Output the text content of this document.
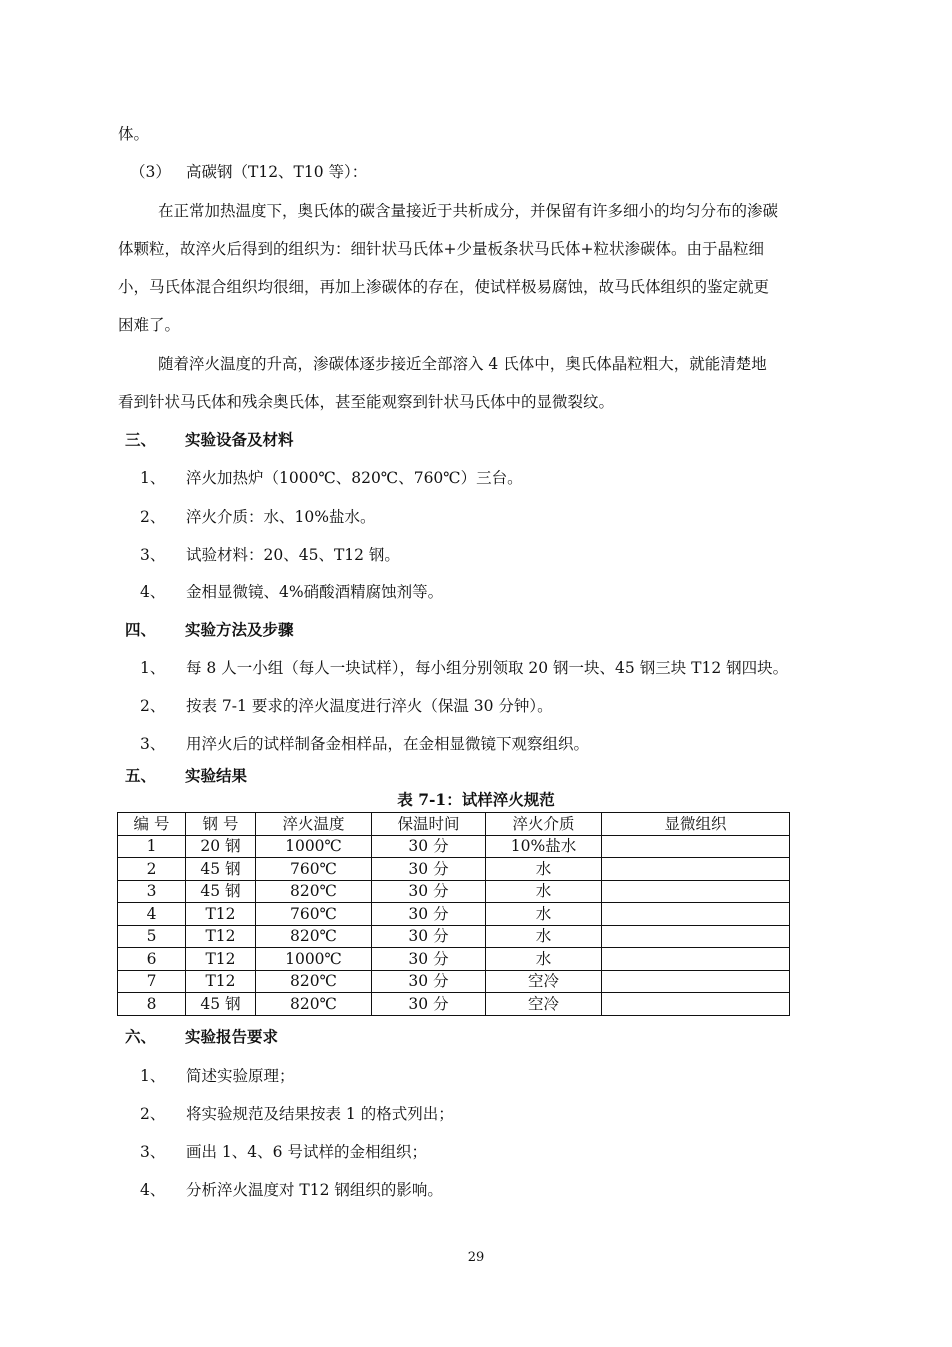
体。
（3） 高碳钢（T12、T10 等）：
在正常加热温度下，奥氏体的碳含量接近于共析成分，并保留有许多细小的均匀分布的渗碳
体颗粒，故淬火后得到的组织为：细针状马氏体+少量板条状马氏体+粒状渗碳体。由于晶粒细
小，马氏体混合组织均很细，再加上渗碳体的存在，使试样极易腐蚀，故马氏体组织的鉴定就更
困难了。
随着淬火温度的升高，渗碳体逐步接近全部溶入 4 氏体中，奥氏体晶粒粗大，就能清楚地
看到针状马氏体和残余奥氏体，甚至能观察到针状马氏体中的显微裂纹。
三、 实验设备及材料
1、 淬火加热炉（1000℃、820℃、760℃）三台。
2、 淬火介质：水、10%盐水。
3、 试验材料：20、45、T12 钢。
4、 金相显微镜、4%硝酸酒精腐蚀剂等。
四、 实验方法及步骤
1、 每 8 人一小组（每人一块试样），每小组分别领取 20 钢一块、45 钢三块 T12 钢四块。
2、 按表 7-1 要求的淬火温度进行淬火（保温 30 分钟）。
3、 用淬火后的试样制备金相样品，在金相显微镜下观察组织。
五、 实验结果
表 7-1：试样淬火规范
编 号	钢 号	淬火温度	保温时间	淬火介质	显微组织
1	20 钢	1000℃	30 分	10%盐水	
2	45 钢	760℃	30 分	水	
3	45 钢	820℃	30 分	水	
4	T12	760℃	30 分	水	
5	T12	820℃	30 分	水	
6	T12	1000℃	30 分	水	
7	T12	820℃	30 分	空冷	
8	45 钢	820℃	30 分	空冷	
六、 实验报告要求
1、 简述实验原理；
2、 将实验规范及结果按表 1 的格式列出；
3、 画出 1、4、6 号试样的金相组织；
4、 分析淬火温度对 T12 钢组织的影响。
29
